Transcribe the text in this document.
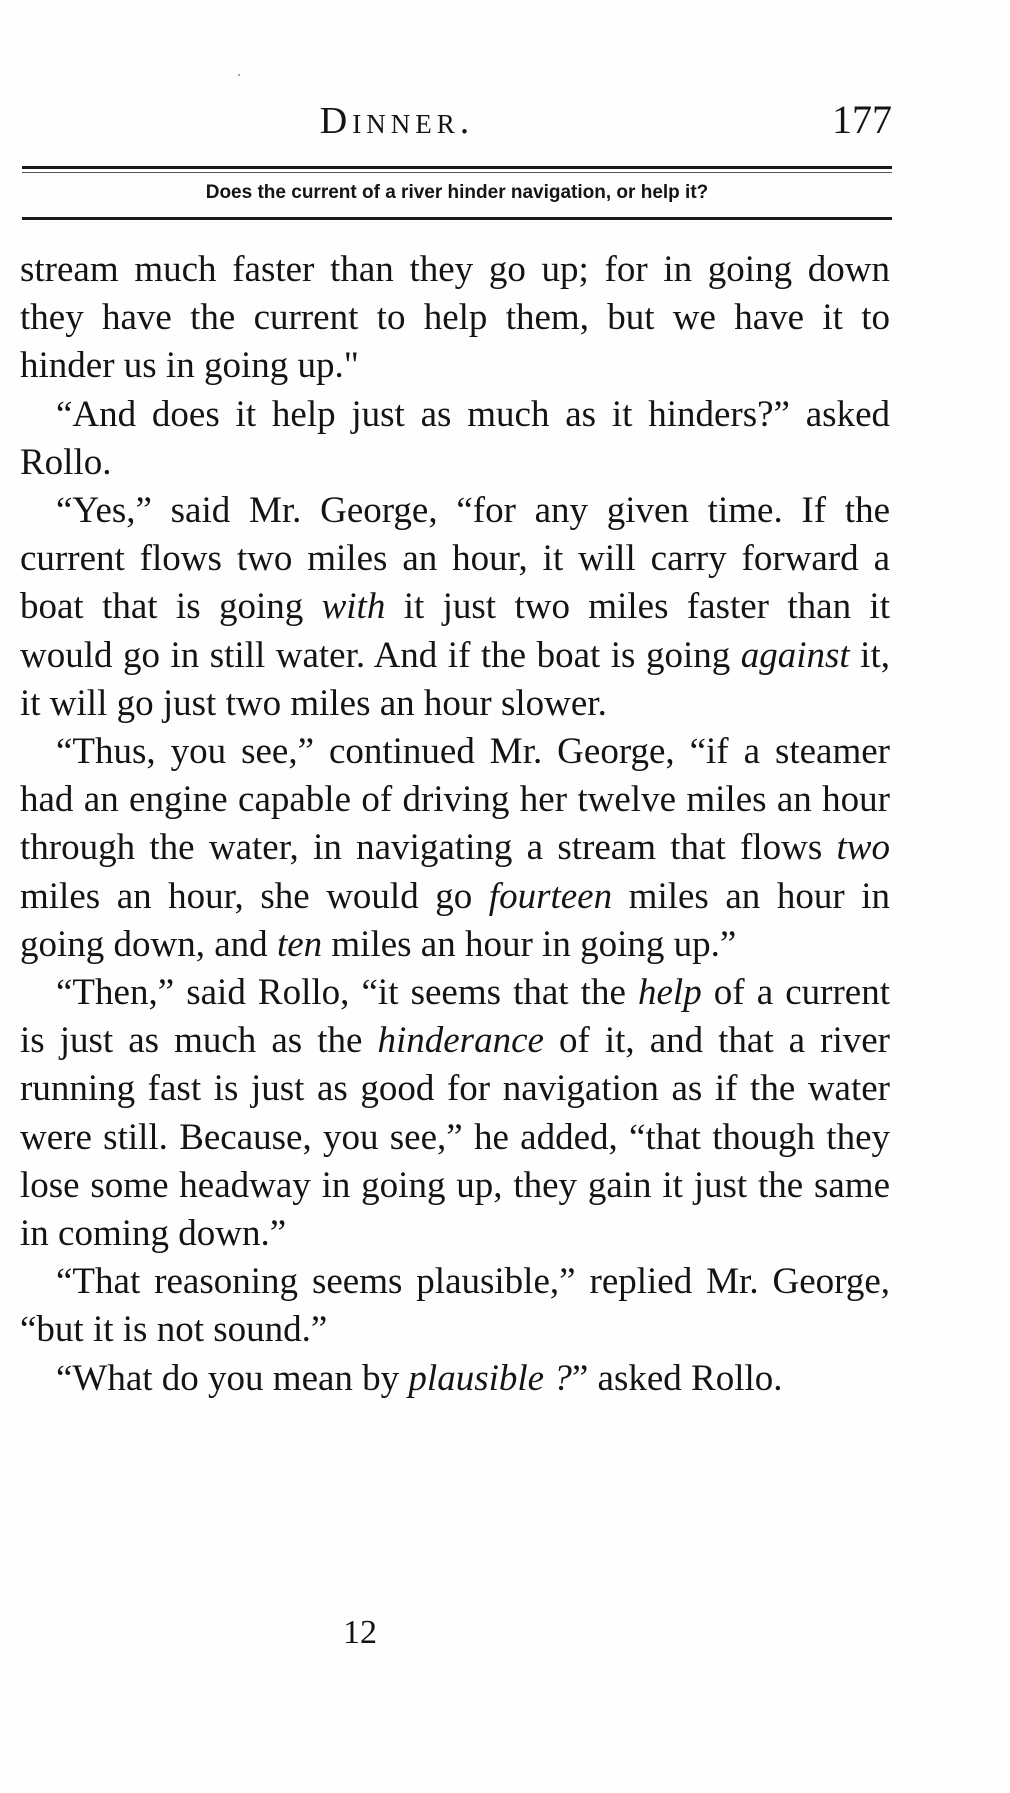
Dinner.	177
Does the current of a river hinder navigation, or help it?

stream much faster than they go up; for in going down they have the current to help them, but we have it to hinder us in going up."

“And does it help just as much as it hinders?” asked Rollo.

“Yes,” said Mr. George, “for any given time. If the current flows two miles an hour, it will carry forward a boat that is going with it just two miles faster than it would go in still water. And if the boat is going against it, it will go just two miles an hour slower.

“Thus, you see,” continued Mr. George, “if a steamer had an engine capable of driving her twelve miles an hour through the water, in navigating a stream that flows two miles an hour, she would go fourteen miles an hour in going down, and ten miles an hour in going up.”

“Then,” said Rollo, “it seems that the help of a current is just as much as the hinderance of it, and that a river running fast is just as good for navigation as if the water were still. Because, you see,” he added, “that though they lose some headway in going up, they gain it just the same in coming down.”

“That reasoning seems plausible,” replied Mr. George, “but it is not sound.”

“What do you mean by plausible ?” asked Rollo.

12
